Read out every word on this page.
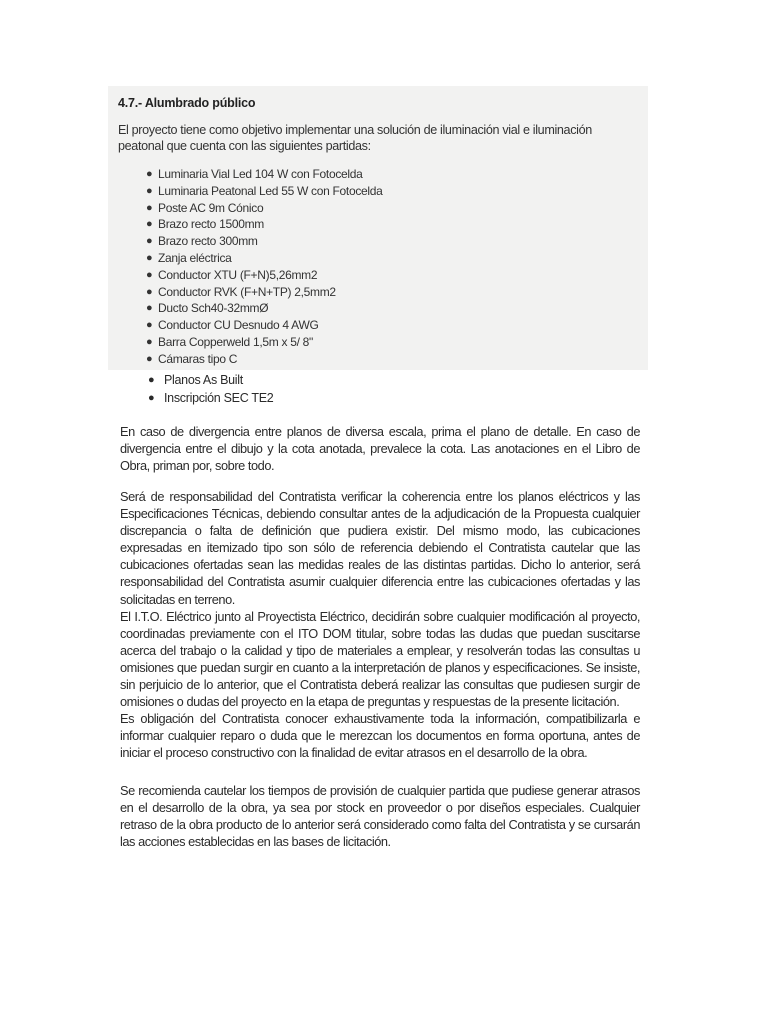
4.7.- Alumbrado público
El proyecto tiene como objetivo implementar una solución de iluminación vial e iluminación peatonal que cuenta con las siguientes partidas:
● Luminaria Vial Led 104 W con Fotocelda
● Luminaria Peatonal Led 55 W con Fotocelda
● Poste AC 9m Cónico
● Brazo recto 1500mm
● Brazo recto 300mm
● Zanja eléctrica
● Conductor XTU (F+N)5,26mm2
● Conductor RVK (F+N+TP) 2,5mm2
● Ducto Sch40-32mmØ
● Conductor CU Desnudo 4 AWG
● Barra Copperweld 1,5m x 5/ 8"
● Cámaras tipo C
● Planos As Built
● Inscripción SEC TE2

En caso de divergencia entre planos de diversa escala, prima el plano de detalle. En caso de divergencia entre el dibujo y la cota anotada, prevalece la cota. Las anotaciones en el Libro de Obra, priman por, sobre todo.

Será de responsabilidad del Contratista verificar la coherencia entre los planos eléctricos y las Especificaciones Técnicas, debiendo consultar antes de la adjudicación de la Propuesta cualquier discrepancia o falta de definición que pudiera existir. Del mismo modo, las cubicaciones expresadas en itemizado tipo son sólo de referencia debiendo el Contratista cautelar que las cubicaciones ofertadas sean las medidas reales de las distintas partidas. Dicho lo anterior, será responsabilidad del Contratista asumir cualquier diferencia entre las cubicaciones ofertadas y las solicitadas en terreno.

El I.T.O. Eléctrico junto al Proyectista Eléctrico, decidirán sobre cualquier modificación al proyecto, coordinadas previamente con el ITO DOM titular, sobre todas las dudas que puedan suscitarse acerca del trabajo o la calidad y tipo de materiales a emplear, y resolverán todas las consultas u omisiones que puedan surgir en cuanto a la interpretación de planos y especificaciones. Se insiste, sin perjuicio de lo anterior, que el Contratista deberá realizar las consultas que pudiesen surgir de omisiones o dudas del proyecto en la etapa de preguntas y respuestas de la presente licitación.

Es obligación del Contratista conocer exhaustivamente toda la información, compatibilizarla e informar cualquier reparo o duda que le merezcan los documentos en forma oportuna, antes de iniciar el proceso constructivo con la finalidad de evitar atrasos en el desarrollo de la obra.

Se recomienda cautelar los tiempos de provisión de cualquier partida que pudiese generar atrasos en el desarrollo de la obra, ya sea por stock en proveedor o por diseños especiales. Cualquier retraso de la obra producto de lo anterior será considerado como falta del Contratista y se cursarán las acciones establecidas en las bases de licitación.
